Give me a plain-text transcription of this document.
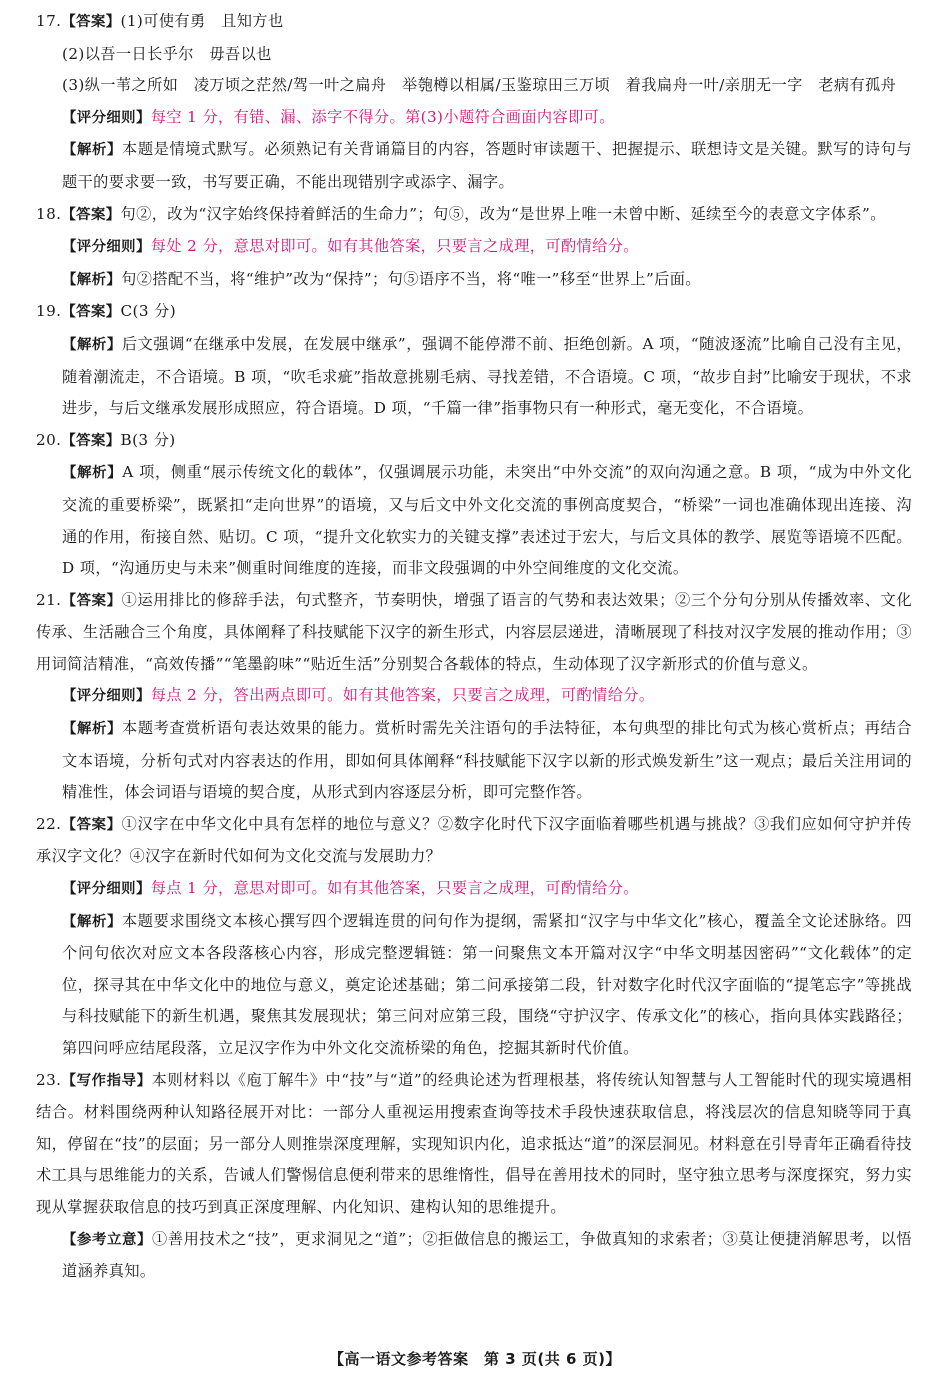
17.【答案】(1)可使有勇　且知方也

(2)以吾一日长乎尔　毋吾以也

(3)纵一苇之所如　凌万顷之茫然/驾一叶之扁舟　举匏樽以相属/玉鉴琼田三万顷　着我扁舟一叶/亲朋无一字　老病有孤舟

【评分细则】每空 1 分，有错、漏、添字不得分。第(3)小题符合画面内容即可。

【解析】本题是情境式默写。必须熟记有关背诵篇目的内容，答题时审读题干、把握提示、联想诗文是关键。默写的诗句与题干的要求要一致，书写要正确，不能出现错别字或添字、漏字。

18.【答案】句②，改为“汉字始终保持着鲜活的生命力”；句⑤，改为“是世界上唯一未曾中断、延续至今的表意文字体系”。

【评分细则】每处 2 分，意思对即可。如有其他答案，只要言之成理，可酌情给分。

【解析】句②搭配不当，将“维护”改为“保持”；句⑤语序不当，将“唯一”移至“世界上”后面。

19.【答案】C(3 分)

【解析】后文强调“在继承中发展，在发展中继承”，强调不能停滞不前、拒绝创新。A 项，“随波逐流”比喻自己没有主见，随着潮流走，不合语境。B 项，“吹毛求疵”指故意挑剔毛病、寻找差错，不合语境。C 项，“故步自封”比喻安于现状，不求进步，与后文继承发展形成照应，符合语境。D 项，“千篇一律”指事物只有一种形式，毫无变化，不合语境。

20.【答案】B(3 分)

【解析】A 项，侧重“展示传统文化的载体”，仅强调展示功能，未突出“中外交流”的双向沟通之意。B 项，“成为中外文化交流的重要桥梁”，既紧扣“走向世界”的语境，又与后文中外文化交流的事例高度契合，“桥梁”一词也准确体现出连接、沟通的作用，衔接自然、贴切。C 项，“提升文化软实力的关键支撑”表述过于宏大，与后文具体的教学、展览等语境不匹配。D 项，“沟通历史与未来”侧重时间维度的连接，而非文段强调的中外空间维度的文化交流。

21.【答案】①运用排比的修辞手法，句式整齐，节奏明快，增强了语言的气势和表达效果；②三个分句分别从传播效率、文化传承、生活融合三个角度，具体阐释了科技赋能下汉字的新生形式，内容层层递进，清晰展现了科技对汉字发展的推动作用；③用词简洁精准，“高效传播”“笔墨韵味”“贴近生活”分别契合各载体的特点，生动体现了汉字新形式的价值与意义。

【评分细则】每点 2 分，答出两点即可。如有其他答案，只要言之成理，可酌情给分。

【解析】本题考查赏析语句表达效果的能力。赏析时需先关注语句的手法特征，本句典型的排比句式为核心赏析点；再结合文本语境，分析句式对内容表达的作用，即如何具体阐释“科技赋能下汉字以新的形式焕发新生”这一观点；最后关注用词的精准性，体会词语与语境的契合度，从形式到内容逐层分析，即可完整作答。

22.【答案】①汉字在中华文化中具有怎样的地位与意义？②数字化时代下汉字面临着哪些机遇与挑战？③我们应如何守护并传承汉字文化？④汉字在新时代如何为文化交流与发展助力？

【评分细则】每点 1 分，意思对即可。如有其他答案，只要言之成理，可酌情给分。

【解析】本题要求围绕文本核心撰写四个逻辑连贯的问句作为提纲，需紧扣“汉字与中华文化”核心，覆盖全文论述脉络。四个问句依次对应文本各段落核心内容，形成完整逻辑链：第一问聚焦文本开篇对汉字“中华文明基因密码”“文化载体”的定位，探寻其在中华文化中的地位与意义，奠定论述基础；第二问承接第二段，针对数字化时代汉字面临的“提笔忘字”等挑战与科技赋能下的新生机遇，聚焦其发展现状；第三问对应第三段，围绕“守护汉字、传承文化”的核心，指向具体实践路径；第四问呼应结尾段落，立足汉字作为中外文化交流桥梁的角色，挖掘其新时代价值。

23.【写作指导】本则材料以《庖丁解牛》中“技”与“道”的经典论述为哲理根基，将传统认知智慧与人工智能时代的现实境遇相结合。材料围绕两种认知路径展开对比：一部分人重视运用搜索查询等技术手段快速获取信息，将浅层次的信息知晓等同于真知，停留在“技”的层面；另一部分人则推崇深度理解，实现知识内化，追求抵达“道”的深层洞见。材料意在引导青年正确看待技术工具与思维能力的关系，告诫人们警惕信息便利带来的思维惰性，倡导在善用技术的同时，坚守独立思考与深度探究，努力实现从掌握获取信息的技巧到真正深度理解、内化知识、建构认知的思维提升。

【参考立意】①善用技术之“技”，更求洞见之“道”；②拒做信息的搬运工，争做真知的求索者；③莫让便捷消解思考，以悟道涵养真知。

【高一语文参考答案　第 3 页(共 6 页)】
